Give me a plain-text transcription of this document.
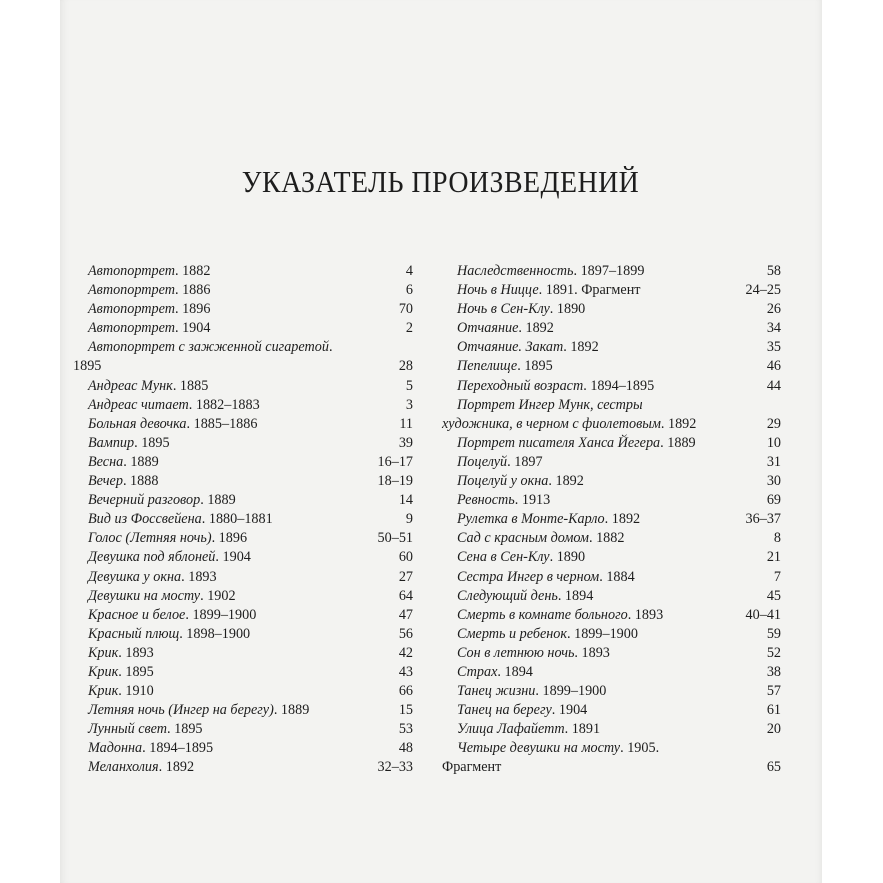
УКАЗАТЕЛЬ ПРОИЗВЕДЕНИЙ
Автопортрет. 1882	4
Автопортрет. 1886	6
Автопортрет. 1896	70
Автопортрет. 1904	2
Автопортрет с зажженной сигаретой.
1895	28
Андреас Мунк. 1885	5
Андреас читает. 1882–1883	3
Больная девочка. 1885–1886	11
Вампир. 1895	39
Весна. 1889	16–17
Вечер. 1888	18–19
Вечерний разговор. 1889	14
Вид из Фоссвейена. 1880–1881	9
Голос (Летняя ночь). 1896	50–51
Девушка под яблоней. 1904	60
Девушка у окна. 1893	27
Девушки на мосту. 1902	64
Красное и белое. 1899–1900	47
Красный плющ. 1898–1900	56
Крик. 1893	42
Крик. 1895	43
Крик. 1910	66
Летняя ночь (Ингер на берегу). 1889	15
Лунный свет. 1895	53
Мадонна. 1894–1895	48
Меланхолия. 1892	32–33
Наследственность. 1897–1899	58
Ночь в Ницце. 1891. Фрагмент	24–25
Ночь в Сен-Клу. 1890	26
Отчаяние. 1892	34
Отчаяние. Закат. 1892	35
Пепелище. 1895	46
Переходный возраст. 1894–1895	44
Портрет Ингер Мунк, сестры
художника, в черном с фиолетовым. 1892	29
Портрет писателя Ханса Йегера. 1889	10
Поцелуй. 1897	31
Поцелуй у окна. 1892	30
Ревность. 1913	69
Рулетка в Монте-Карло. 1892	36–37
Сад с красным домом. 1882	8
Сена в Сен-Клу. 1890	21
Сестра Ингер в черном. 1884	7
Следующий день. 1894	45
Смерть в комнате больного. 1893	40–41
Смерть и ребенок. 1899–1900	59
Сон в летнюю ночь. 1893	52
Страх. 1894	38
Танец жизни. 1899–1900	57
Танец на берегу. 1904	61
Улица Лафайетт. 1891	20
Четыре девушки на мосту. 1905.
Фрагмент	65
